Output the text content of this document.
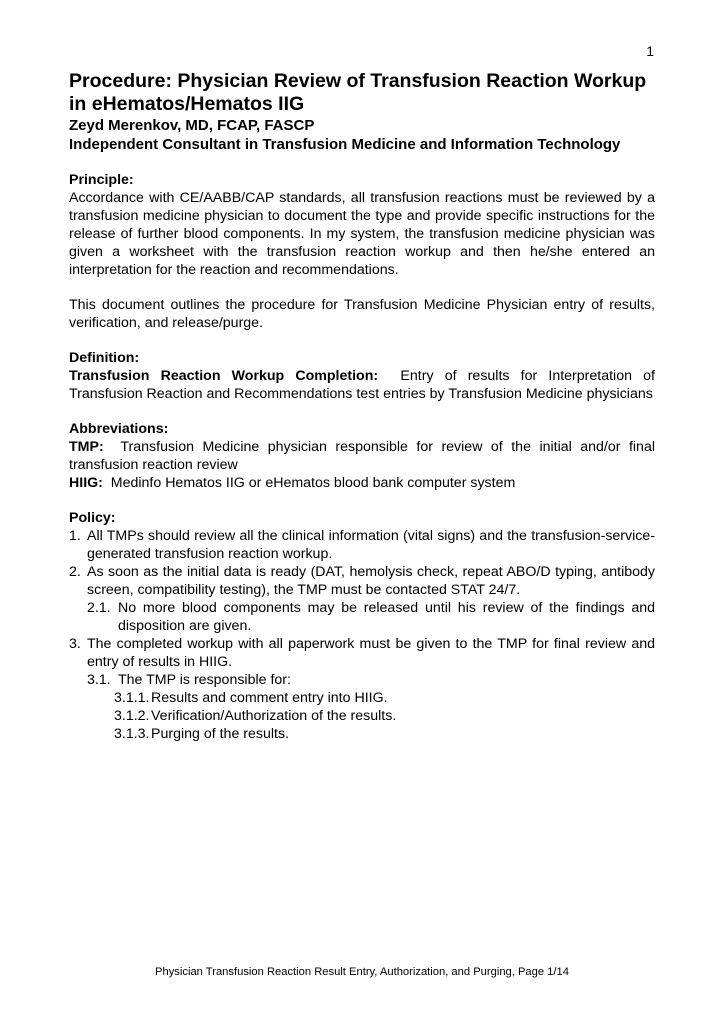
1
Procedure: Physician Review of Transfusion Reaction Workup in eHematos/Hematos IIG

Zeyd Merenkov, MD, FCAP, FASCP

Independent Consultant in Transfusion Medicine and Information Technology

Principle:

Accordance with CE/AABB/CAP standards, all transfusion reactions must be reviewed by a transfusion medicine physician to document the type and provide specific instructions for the release of further blood components. In my system, the transfusion medicine physician was given a worksheet with the transfusion reaction workup and then he/she entered an interpretation for the reaction and recommendations.

This document outlines the procedure for Transfusion Medicine Physician entry of results, verification, and release/purge.

Definition:

Transfusion Reaction Workup Completion:  Entry of results for Interpretation of Transfusion Reaction and Recommendations test entries by Transfusion Medicine physicians

Abbreviations:

TMP:  Transfusion Medicine physician responsible for review of the initial and/or final transfusion reaction review

HIIG:  Medinfo Hematos IIG or eHematos blood bank computer system

Policy:

1. All TMPs should review all the clinical information (vital signs) and the transfusion-service-generated transfusion reaction workup.
2. As soon as the initial data is ready (DAT, hemolysis check, repeat ABO/D typing, antibody screen, compatibility testing), the TMP must be contacted STAT 24/7.
2.1. No more blood components may be released until his review of the findings and disposition are given.
3. The completed workup with all paperwork must be given to the TMP for final review and entry of results in HIIG.
3.1. The TMP is responsible for:
3.1.1. Results and comment entry into HIIG.
3.1.2. Verification/Authorization of the results.
3.1.3. Purging of the results.
Physician Transfusion Reaction Result Entry, Authorization, and Purging, Page 1/14
